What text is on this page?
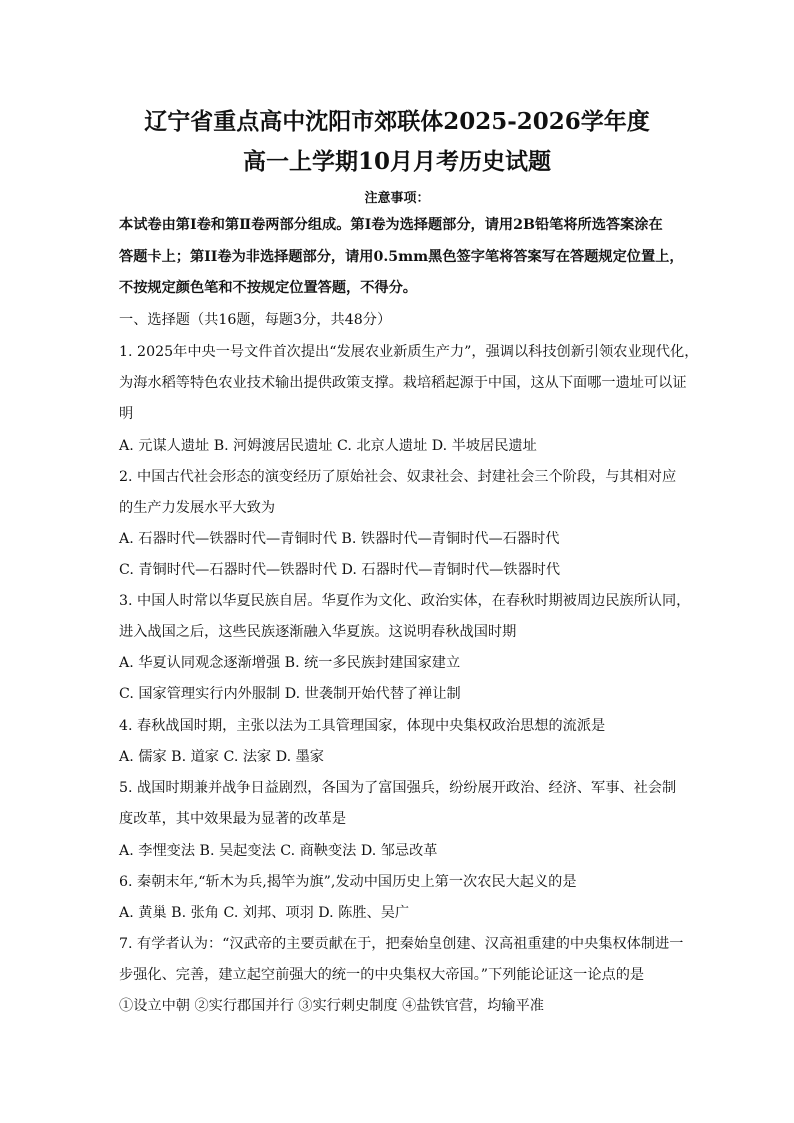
辽宁省重点高中沈阳市郊联体2025-2026学年度
高一上学期10月月考历史试题
注意事项：
本试卷由第Ⅰ卷和第Ⅱ卷两部分组成。第Ⅰ卷为选择题部分，请用2B铅笔将所选答案涂在
答题卡上；第II卷为非选择题部分，请用0.5mm黑色签字笔将答案写在答题规定位置上，
不按规定颜色笔和不按规定位置答题，不得分。
一、选择题（共16题，每题3分，共48分）
1. 2025年中央一号文件首次提出“发展农业新质生产力”，强调以科技创新引领农业现代化，
为海水稻等特色农业技术输出提供政策支撑。栽培稻起源于中国，这从下面哪一遗址可以证
明
A. 元谋人遗址 B. 河姆渡居民遗址 C. 北京人遗址 D. 半坡居民遗址
2. 中国古代社会形态的演变经历了原始社会、奴隶社会、封建社会三个阶段，与其相对应
的生产力发展水平大致为
A. 石器时代—铁器时代—青铜时代 B. 铁器时代—青铜时代—石器时代
C. 青铜时代—石器时代—铁器时代 D. 石器时代—青铜时代—铁器时代
3. 中国人时常以华夏民族自居。华夏作为文化、政治实体，在春秋时期被周边民族所认同，
进入战国之后，这些民族逐渐融入华夏族。这说明春秋战国时期
A. 华夏认同观念逐渐增强 B. 统一多民族封建国家建立
C. 国家管理实行内外服制 D. 世袭制开始代替了禅让制
4. 春秋战国时期，主张以法为工具管理国家，体现中央集权政治思想的流派是
A. 儒家 B. 道家 C. 法家 D. 墨家
5. 战国时期兼并战争日益剧烈，各国为了富国强兵，纷纷展开政治、经济、军事、社会制
度改革，其中效果最为显著的改革是
A. 李悝变法 B. 吴起变法 C. 商鞅变法 D. 邹忌改革
6. 秦朝末年,“斩木为兵,揭竿为旗”,发动中国历史上第一次农民大起义的是
A. 黄巢 B. 张角 C. 刘邦、项羽 D. 陈胜、吴广
7. 有学者认为：“汉武帝的主要贡献在于，把秦始皇创建、汉高祖重建的中央集权体制进一
步强化、完善，建立起空前强大的统一的中央集权大帝国。”下列能论证这一论点的是
①设立中朝 ②实行郡国并行 ③实行刺史制度 ④盐铁官营，均输平准
